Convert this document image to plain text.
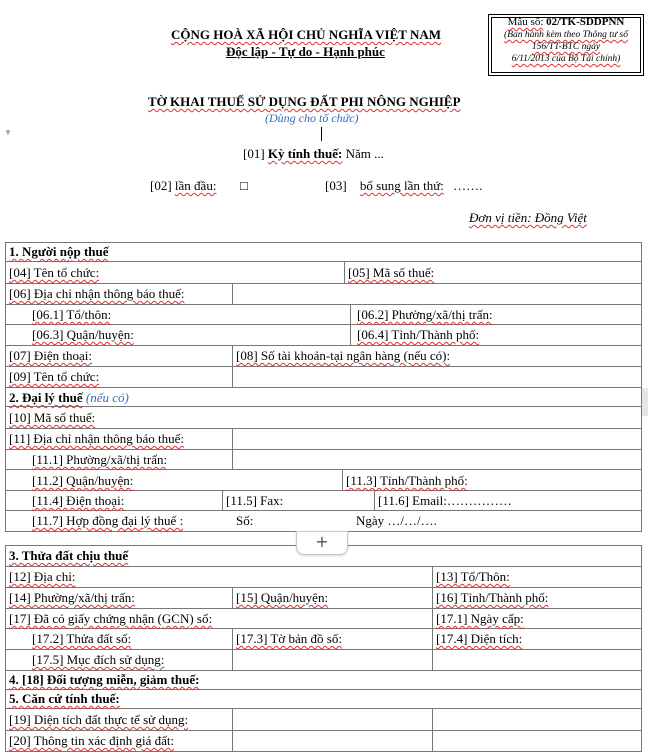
CỘNG HOÀ XÃ HỘI CHỦ NGHĨA VIỆT NAM
Độc lập - Tự do - Hạnh phúc
Mẫu số: 02/TK-SDDPNN
(Ban hành kèm theo Thông tư số
156/TT-BTC ngày
6/11/2013 của Bộ Tài chính)
TỜ KHAI THUẾ SỬ DỤNG ĐẤT PHI NÔNG NGHIỆP
(Dùng cho tổ chức)
[01] Kỳ tính thuế: Năm ...
[02] lần đầu: □	[03] bổ sung lần thứ: …….
Đơn vị tiền: Đồng Việt
▼
1. Người nộp thuế
[04] Tên tổ chức:	[05] Mã số thuế:
[06] Địa chỉ nhận thông báo thuế:
[06.1] Tổ/thôn:	[06.2] Phường/xã/thị trấn:
[06.3] Quận/huyện:	[06.4] Tỉnh/Thành phố:
[07] Điện thoại:	[08] Số tài khoản-tại ngân hàng (nếu có):
[09] Tên tổ chức:
2. Đại lý thuế (nếu có)
[10] Mã số thuế:
[11] Địa chỉ nhận thông báo thuế:
[11.1] Phường/xã/thị trấn:
[11.2] Quận/huyện:	[11.3] Tỉnh/Thành phố:
[11.4] Điện thoại:	[11.5] Fax:	[11.6] Email:……………
[11.7] Hợp đồng đại lý thuế :	Số:	Ngày …/…/….
+
3. Thửa đất chịu thuế
[12] Địa chỉ:	[13] Tổ/Thôn:
[14] Phường/xã/thị trấn:	[15] Quận/huyện:	[16] Tỉnh/Thành phố:
[17] Đã có giấy chứng nhận (GCN) số:	[17.1] Ngày cấp:
[17.2] Thửa đất số:	[17.3] Tờ bản đồ số:	[17.4] Diện tích:
[17.5] Mục đích sử dụng:
4. [18] Đối tượng miễn, giảm thuế:
5. Căn cứ tính thuế:
[19] Diện tích đất thực tế sử dụng:
[20] Thông tin xác định giá đất:
